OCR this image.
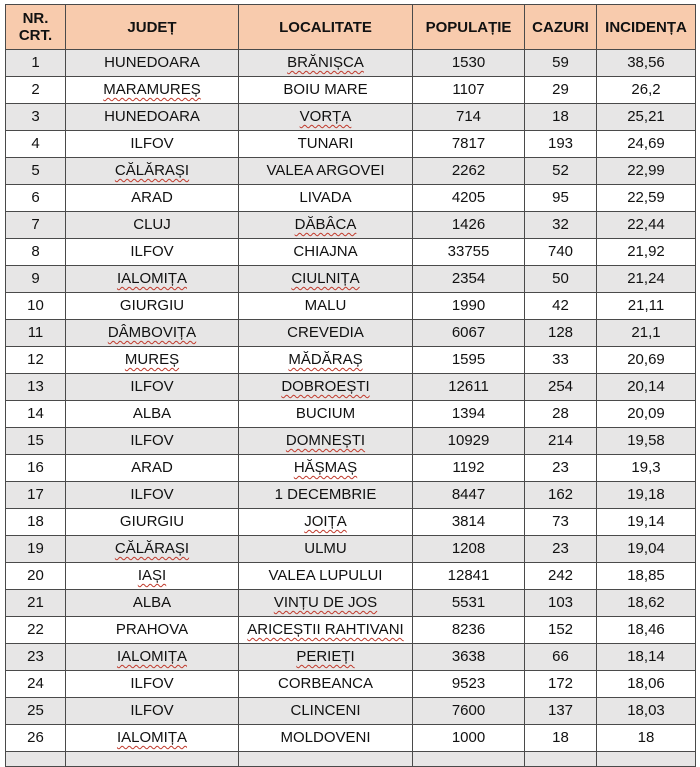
NR.
CRT.	JUDEȚ	LOCALITATE	POPULAȚIE	CAZURI	INCIDENȚA
1	HUNEDOARA	BRĂNIȘCA	1530	59	38,56
2	MARAMUREȘ	BOIU MARE	1107	29	26,2
3	HUNEDOARA	VORȚA	714	18	25,21
4	ILFOV	TUNARI	7817	193	24,69
5	CĂLĂRAȘI	VALEA ARGOVEI	2262	52	22,99
6	ARAD	LIVADA	4205	95	22,59
7	CLUJ	DĂBÂCA	1426	32	22,44
8	ILFOV	CHIAJNA	33755	740	21,92
9	IALOMIȚA	CIULNIȚA	2354	50	21,24
10	GIURGIU	MALU	1990	42	21,11
11	DÂMBOVIȚA	CREVEDIA	6067	128	21,1
12	MUREȘ	MĂDĂRAȘ	1595	33	20,69
13	ILFOV	DOBROEȘTI	12611	254	20,14
14	ALBA	BUCIUM	1394	28	20,09
15	ILFOV	DOMNEȘTI	10929	214	19,58
16	ARAD	HĂȘMAȘ	1192	23	19,3
17	ILFOV	1 DECEMBRIE	8447	162	19,18
18	GIURGIU	JOIȚA	3814	73	19,14
19	CĂLĂRAȘI	ULMU	1208	23	19,04
20	IAȘI	VALEA LUPULUI	12841	242	18,85
21	ALBA	VINȚU DE JOS	5531	103	18,62
22	PRAHOVA	ARICEȘTII RAHTIVANI	8236	152	18,46
23	IALOMIȚA	PERIEȚI	3638	66	18,14
24	ILFOV	CORBEANCA	9523	172	18,06
25	ILFOV	CLINCENI	7600	137	18,03
26	IALOMIȚA	MOLDOVENI	1000	18	18
